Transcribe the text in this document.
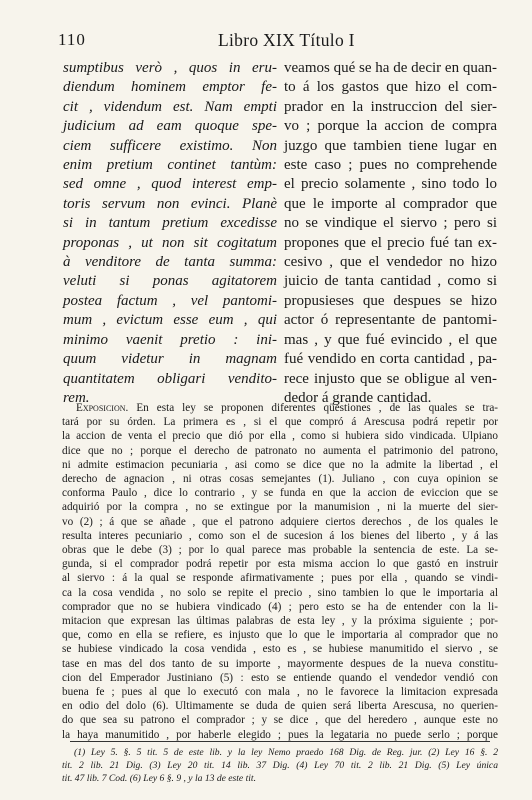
110	Libro XIX Título I
sumptibus verò , quos in eru-
diendum hominem emptor fe-
cit , videndum est. Nam empti
judicium ad eam quoque spe-
ciem sufficere existimo. Non
enim pretium continet tantùm:
sed omne , quod interest emp-
toris servum non evinci. Planè
si in tantum pretium excedisse
proponas , ut non sit cogitatum
à venditore de tanta summa:
veluti si ponas agitatorem
postea factum , vel pantomi-
mum , evictum esse eum , qui
minimo vaenit pretio : ini-
quum videtur in magnam
quantitatem obligari vendito-
rem.
veamos qué se ha de decir en quan-
to á los gastos que hizo el com-
prador en la instruccion del sier-
vo ; porque la accion de compra
juzgo que tambien tiene lugar en
este caso ; pues no comprehende
el precio solamente , sino todo lo
que le importe al comprador que
no se vindique el siervo ; pero si
propones que el precio fué tan ex-
cesivo , que el vendedor no hizo
juicio de tanta cantidad , como si
propusieses que despues se hizo
actor ó representante de pantomi-
mas , y que fué evincido , el que
fué vendido en corta cantidad , pa-
rece injusto que se obligue al ven-
dedor á grande cantidad.
Exposicion. En esta ley se proponen diferentes qüestiones , de las quales se tra-
tará por su órden. La primera es , si el que compró á Arescusa podrá repetir por
la accion de venta el precio que dió por ella , como si hubiera sido vindicada. Ulpiano
dice que no ; porque el derecho de patronato no aumenta el patrimonio del patrono,
ni admite estimacion pecuniaria , asi como se dice que no la admite la libertad , el
derecho de agnacion , ni otras cosas semejantes (1). Juliano , con cuya opinion se
conforma Paulo , dice lo contrario , y se funda en que la accion de eviccion que se
adquirió por la compra , no se extingue por la manumision , ni la muerte del sier-
vo (2) ; á que se añade , que el patrono adquiere ciertos derechos , de los quales le
resulta interes pecuniario , como son el de sucesion á los bienes del liberto , y á las
obras que le debe (3) ; por lo qual parece mas probable la sentencia de este. La se-
gunda, si el comprador podrá repetir por esta misma accion lo que gastó en instruir
al siervo : á la qual se responde afirmativamente ; pues por ella , quando se vindi-
ca la cosa vendida , no solo se repite el precio , sino tambien lo que le importaria al
comprador que no se hubiera vindicado (4) ; pero esto se ha de entender con la li-
mitacion que expresan las últimas palabras de esta ley , y la próxima siguiente ; por-
que, como en ella se refiere, es injusto que lo que le importaria al comprador que no
se hubiese vindicado la cosa vendida , esto es , se hubiese manumitido el siervo , se
tase en mas del dos tanto de su importe , mayormente despues de la nueva constitu-
cion del Emperador Justiniano (5) : esto se entiende quando el vendedor vendió con
buena fe ; pues al que lo executó con mala , no le favorece la limitacion expresada
en odio del dolo (6). Ultimamente se duda de quien será liberta Arescusa, no querien-
do que sea su patrono el comprador ; y se dice , que del heredero , aunque este no
la haya manumitido , por haberle elegido ; pues la legataria no puede serlo ; porque
(1) Ley 5. §. 5 tit. 5 de este lib. y la ley Nemo praedo 168 Dig. de Reg. jur. (2) Ley 16 §. 2
tit. 2 lib. 21 Dig. (3) Ley 20 tit. 14 lib. 37 Dig. (4) Ley 70 tit. 2 lib. 21 Dig. (5) Ley única
tit. 47 lib. 7 Cod. (6) Ley 6 §. 9 , y la 13 de este tit.
